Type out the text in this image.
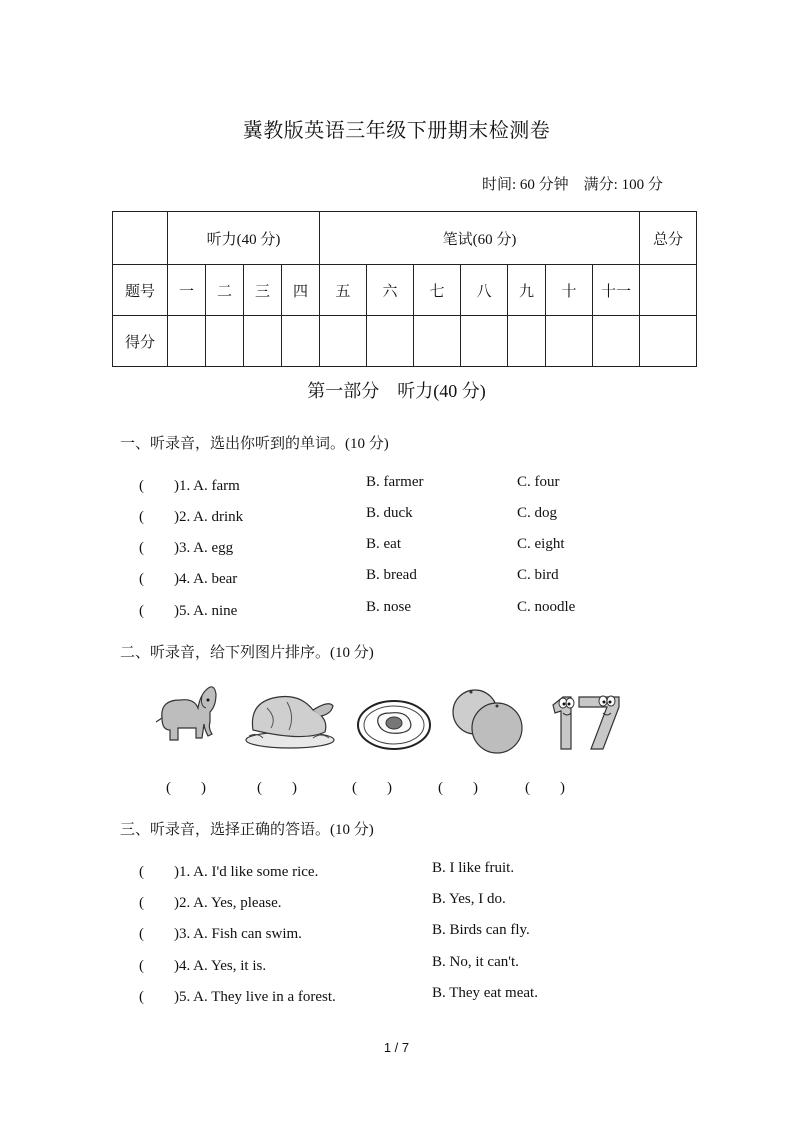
冀教版英语三年级下册期末检测卷
时间: 60 分钟　满分: 100 分
	听力(40 分)				笔试(60 分)							总分
题号	一	二	三	四	五	六	七	八	九	十	十一	
得分												
第一部分　听力(40 分)
一、听录音，选出你听到的单词。(10 分)
(　　)1. A. farm	B. farmer	C. four
(　　)2. A. drink	B. duck	C. dog
(　　)3. A. egg	B. eat	C. eight
(　　)4. A. bear	B. bread	C. bird
(　　)5. A. nine	B. nose	C. noodle
二、听录音，给下列图片排序。(10 分)
(　　)	(　　)	(　　)	(　　)	(　　)
三、听录音，选择正确的答语。(10 分)
(　　)1. A. I'd like some rice.	B. I like fruit.
(　　)2. A. Yes, please.	B. Yes, I do.
(　　)3. A. Fish can swim.	B. Birds can fly.
(　　)4. A. Yes, it is.	B. No, it can't.
(　　)5. A. They live in a forest.	B. They eat meat.
1 / 7
